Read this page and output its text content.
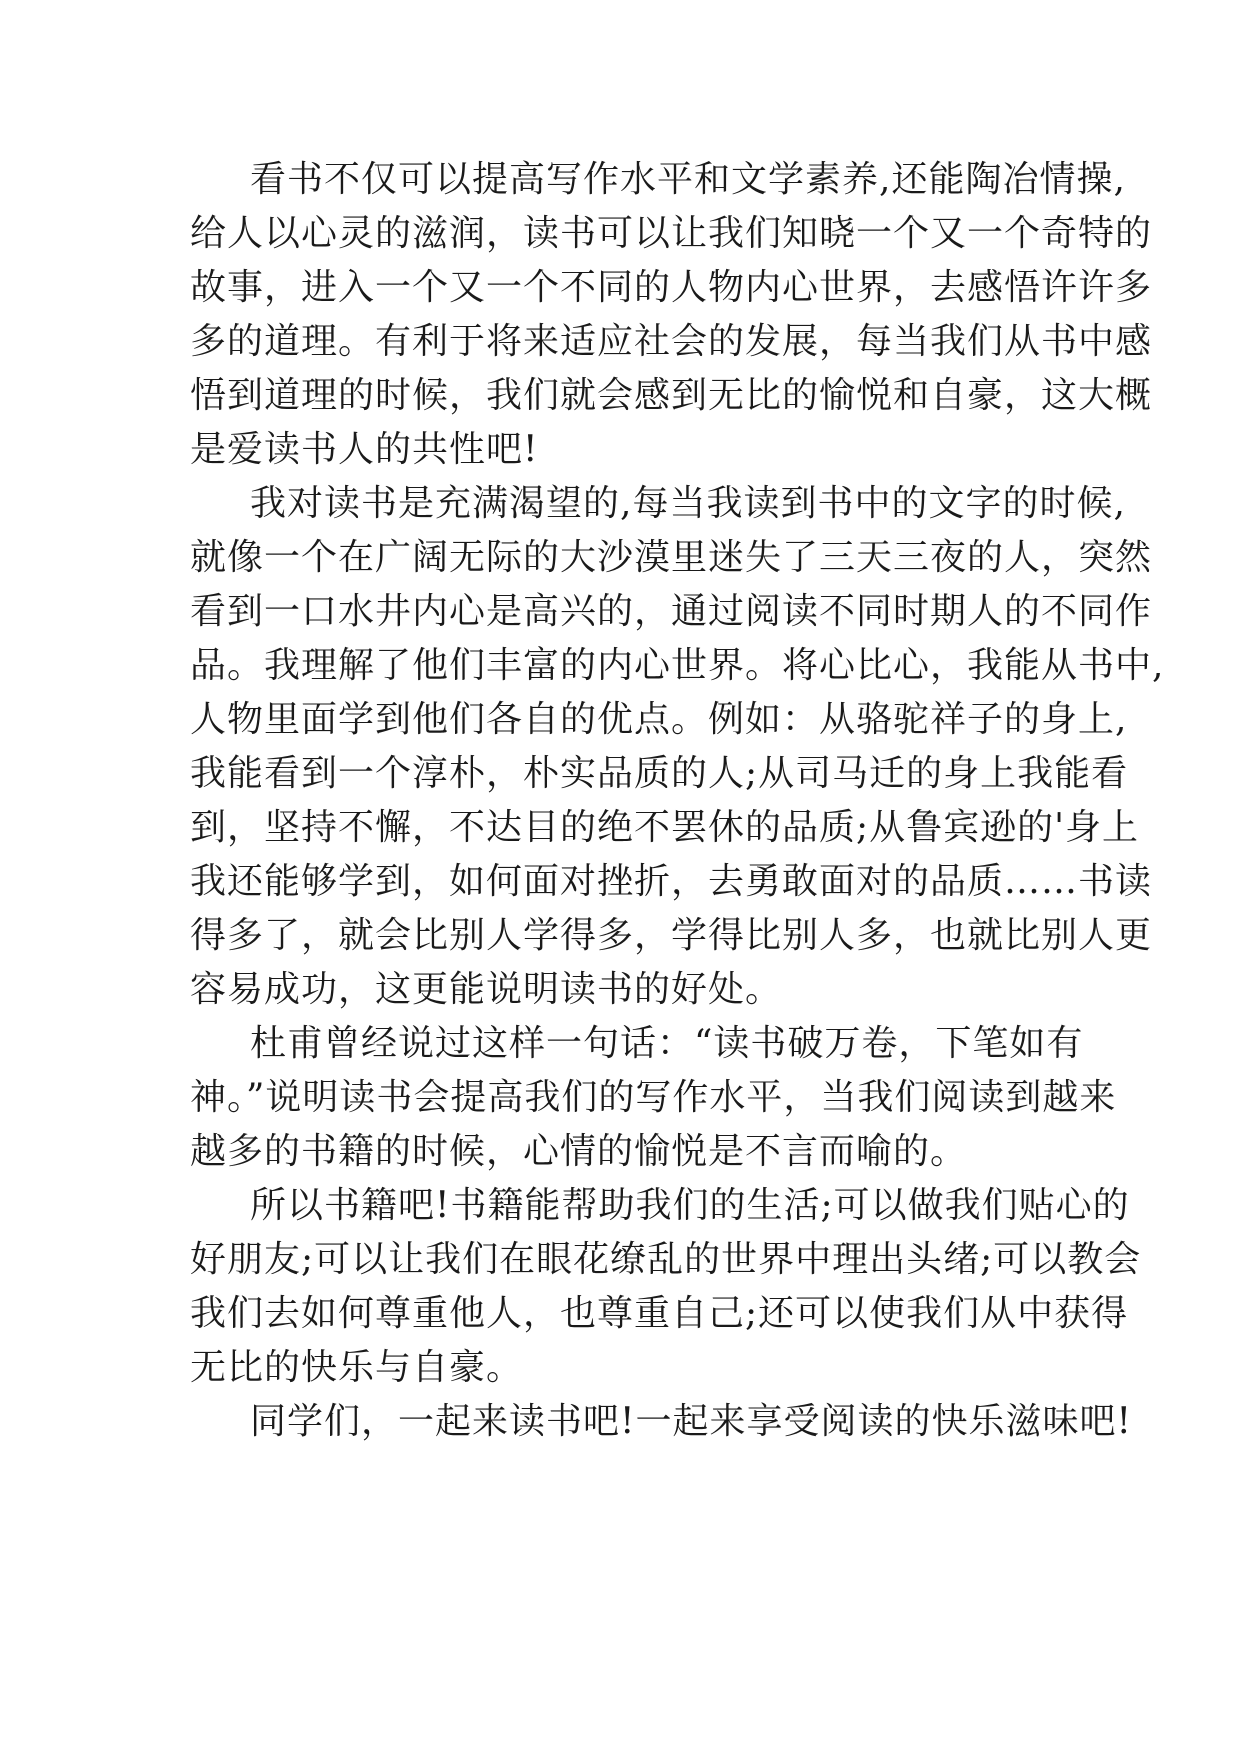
看书不仅可以提高写作水平和文学素养,还能陶冶情操,
给人以心灵的滋润，读书可以让我们知晓一个又一个奇特的
故事，进入一个又一个不同的人物内心世界，去感悟许许多
多的道理。有利于将来适应社会的发展，每当我们从书中感
悟到道理的时候，我们就会感到无比的愉悦和自豪，这大概
是爱读书人的共性吧!
我对读书是充满渴望的,每当我读到书中的文字的时候,
就像一个在广阔无际的大沙漠里迷失了三天三夜的人，突然
看到一口水井内心是高兴的，通过阅读不同时期人的不同作
品。我理解了他们丰富的内心世界。将心比心，我能从书中,
人物里面学到他们各自的优点。例如：从骆驼祥子的身上,
我能看到一个淳朴，朴实品质的人;从司马迁的身上我能看
到，坚持不懈，不达目的绝不罢休的品质;从鲁宾逊的'身上
我还能够学到，如何面对挫折，去勇敢面对的品质……书读
得多了，就会比别人学得多，学得比别人多，也就比别人更
容易成功，这更能说明读书的好处。
杜甫曾经说过这样一句话：“读书破万卷，下笔如有
神。”说明读书会提高我们的写作水平，当我们阅读到越来
越多的书籍的时候，心情的愉悦是不言而喻的。
所以书籍吧!书籍能帮助我们的生活;可以做我们贴心的
好朋友;可以让我们在眼花缭乱的世界中理出头绪;可以教会
我们去如何尊重他人，也尊重自己;还可以使我们从中获得
无比的快乐与自豪。
同学们，一起来读书吧!一起来享受阅读的快乐滋味吧!
